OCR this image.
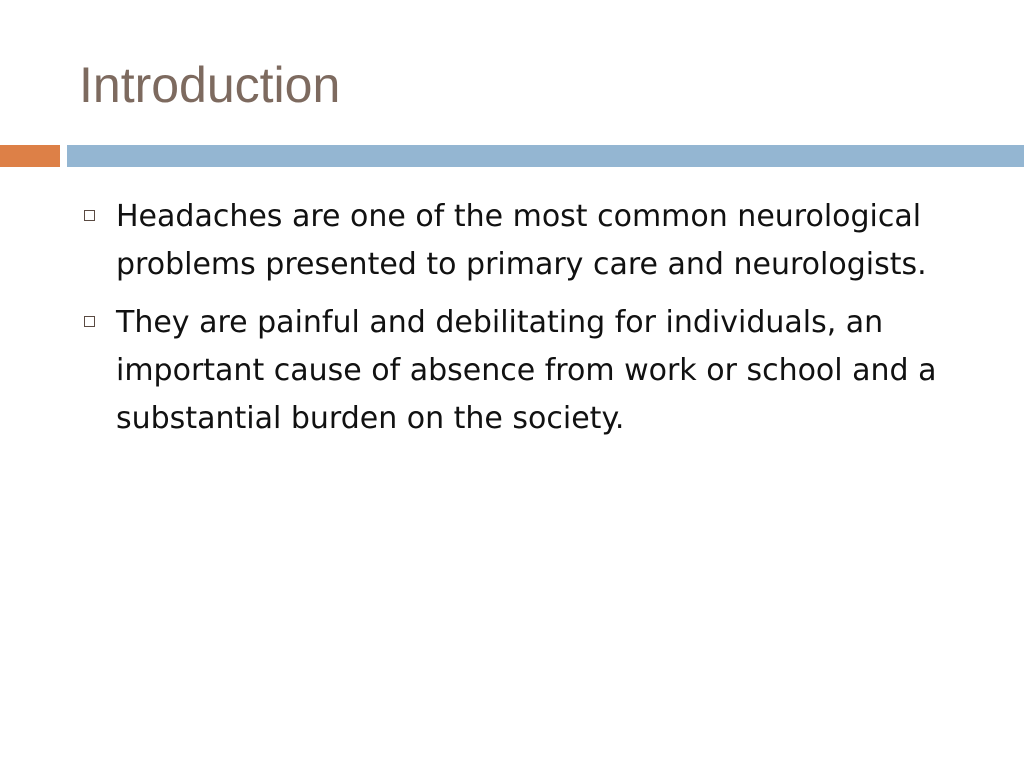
Introduction
Headaches are one of the most common neurological problems presented to primary care and neurologists.
They are painful and debilitating for individuals, an important cause of absence from work or school and a substantial burden on the society.
